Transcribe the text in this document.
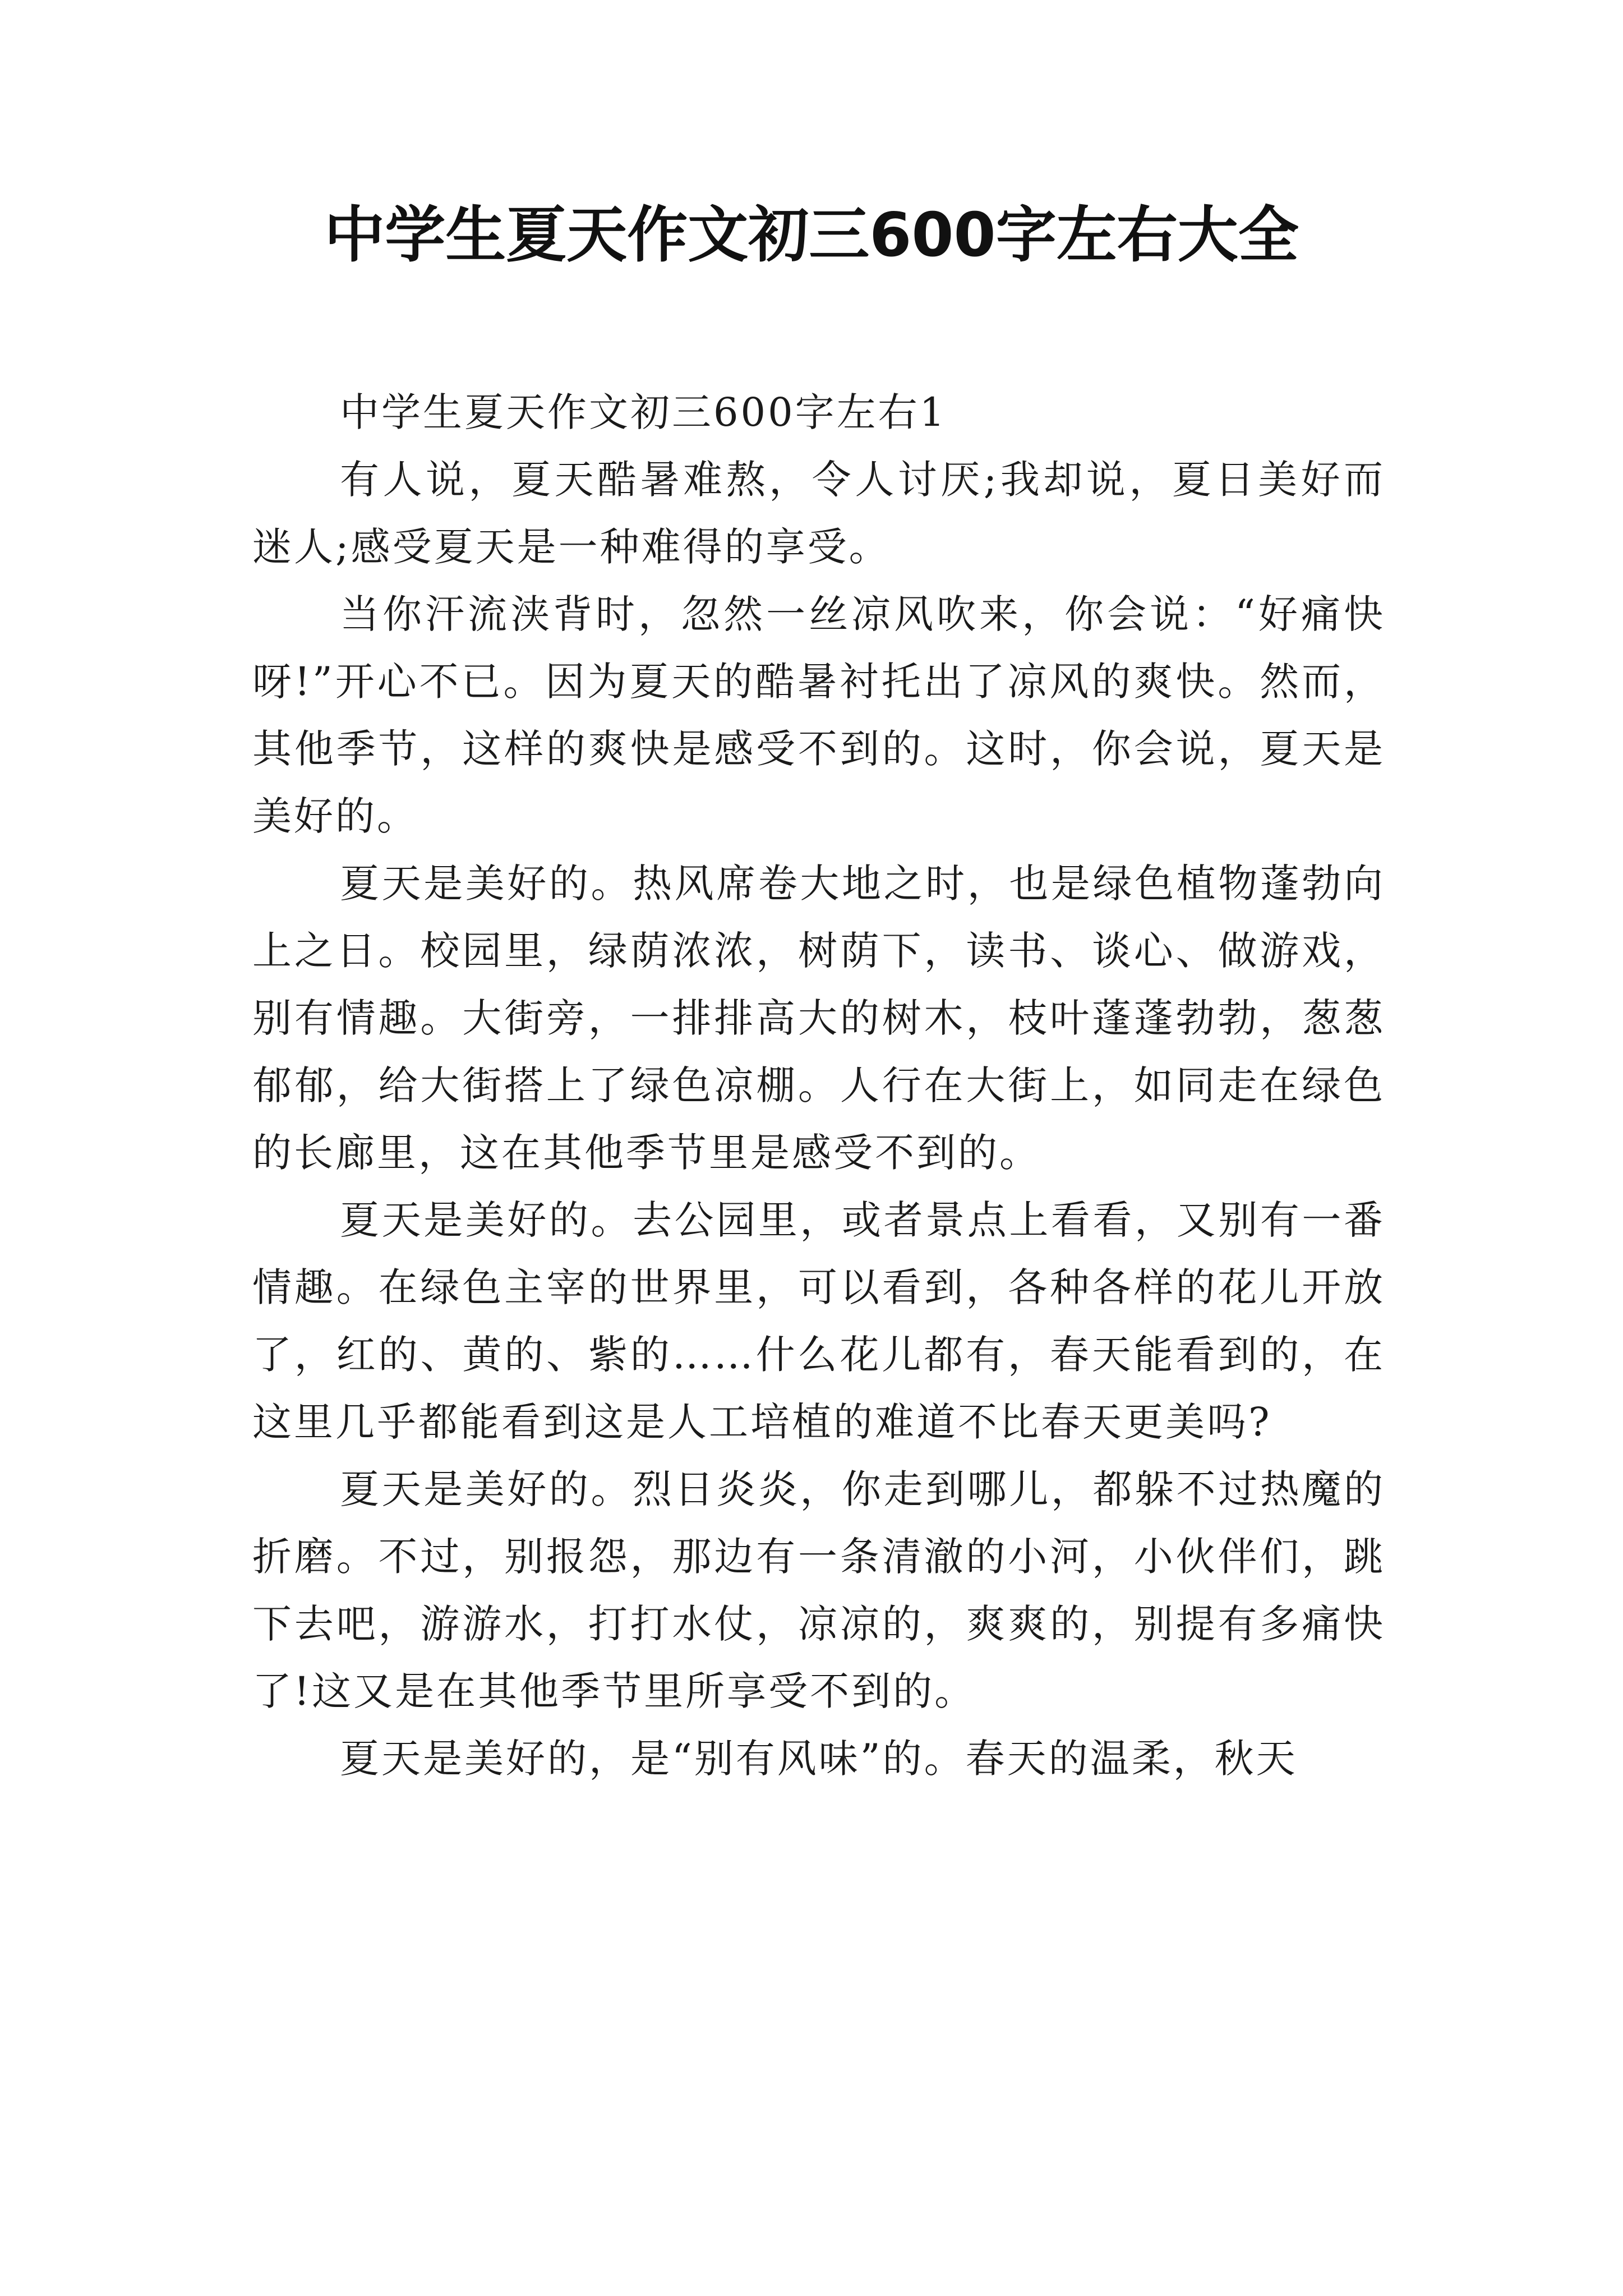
中学生夏天作文初三600字左右大全

中学生夏天作文初三600字左右1

有人说，夏天酷暑难熬，令人讨厌;我却说，夏日美好而迷人;感受夏天是一种难得的享受。

当你汗流浃背时，忽然一丝凉风吹来，你会说：“好痛快呀!”开心不已。因为夏天的酷暑衬托出了凉风的爽快。然而，其他季节，这样的爽快是感受不到的。这时，你会说，夏天是美好的。

夏天是美好的。热风席卷大地之时，也是绿色植物蓬勃向上之日。校园里，绿荫浓浓，树荫下，读书、谈心、做游戏，别有情趣。大街旁，一排排高大的树木，枝叶蓬蓬勃勃，葱葱郁郁，给大街搭上了绿色凉棚。人行在大街上，如同走在绿色的长廊里，这在其他季节里是感受不到的。

夏天是美好的。去公园里，或者景点上看看，又别有一番情趣。在绿色主宰的世界里，可以看到，各种各样的花儿开放了，红的、黄的、紫的……什么花儿都有，春天能看到的，在这里几乎都能看到这是人工培植的难道不比春天更美吗?

夏天是美好的。烈日炎炎，你走到哪儿，都躲不过热魔的折磨。不过，别报怨，那边有一条清澈的小河，小伙伴们，跳下去吧，游游水，打打水仗，凉凉的，爽爽的，别提有多痛快了!这又是在其他季节里所享受不到的。

夏天是美好的，是“别有风味”的。春天的温柔，秋天
